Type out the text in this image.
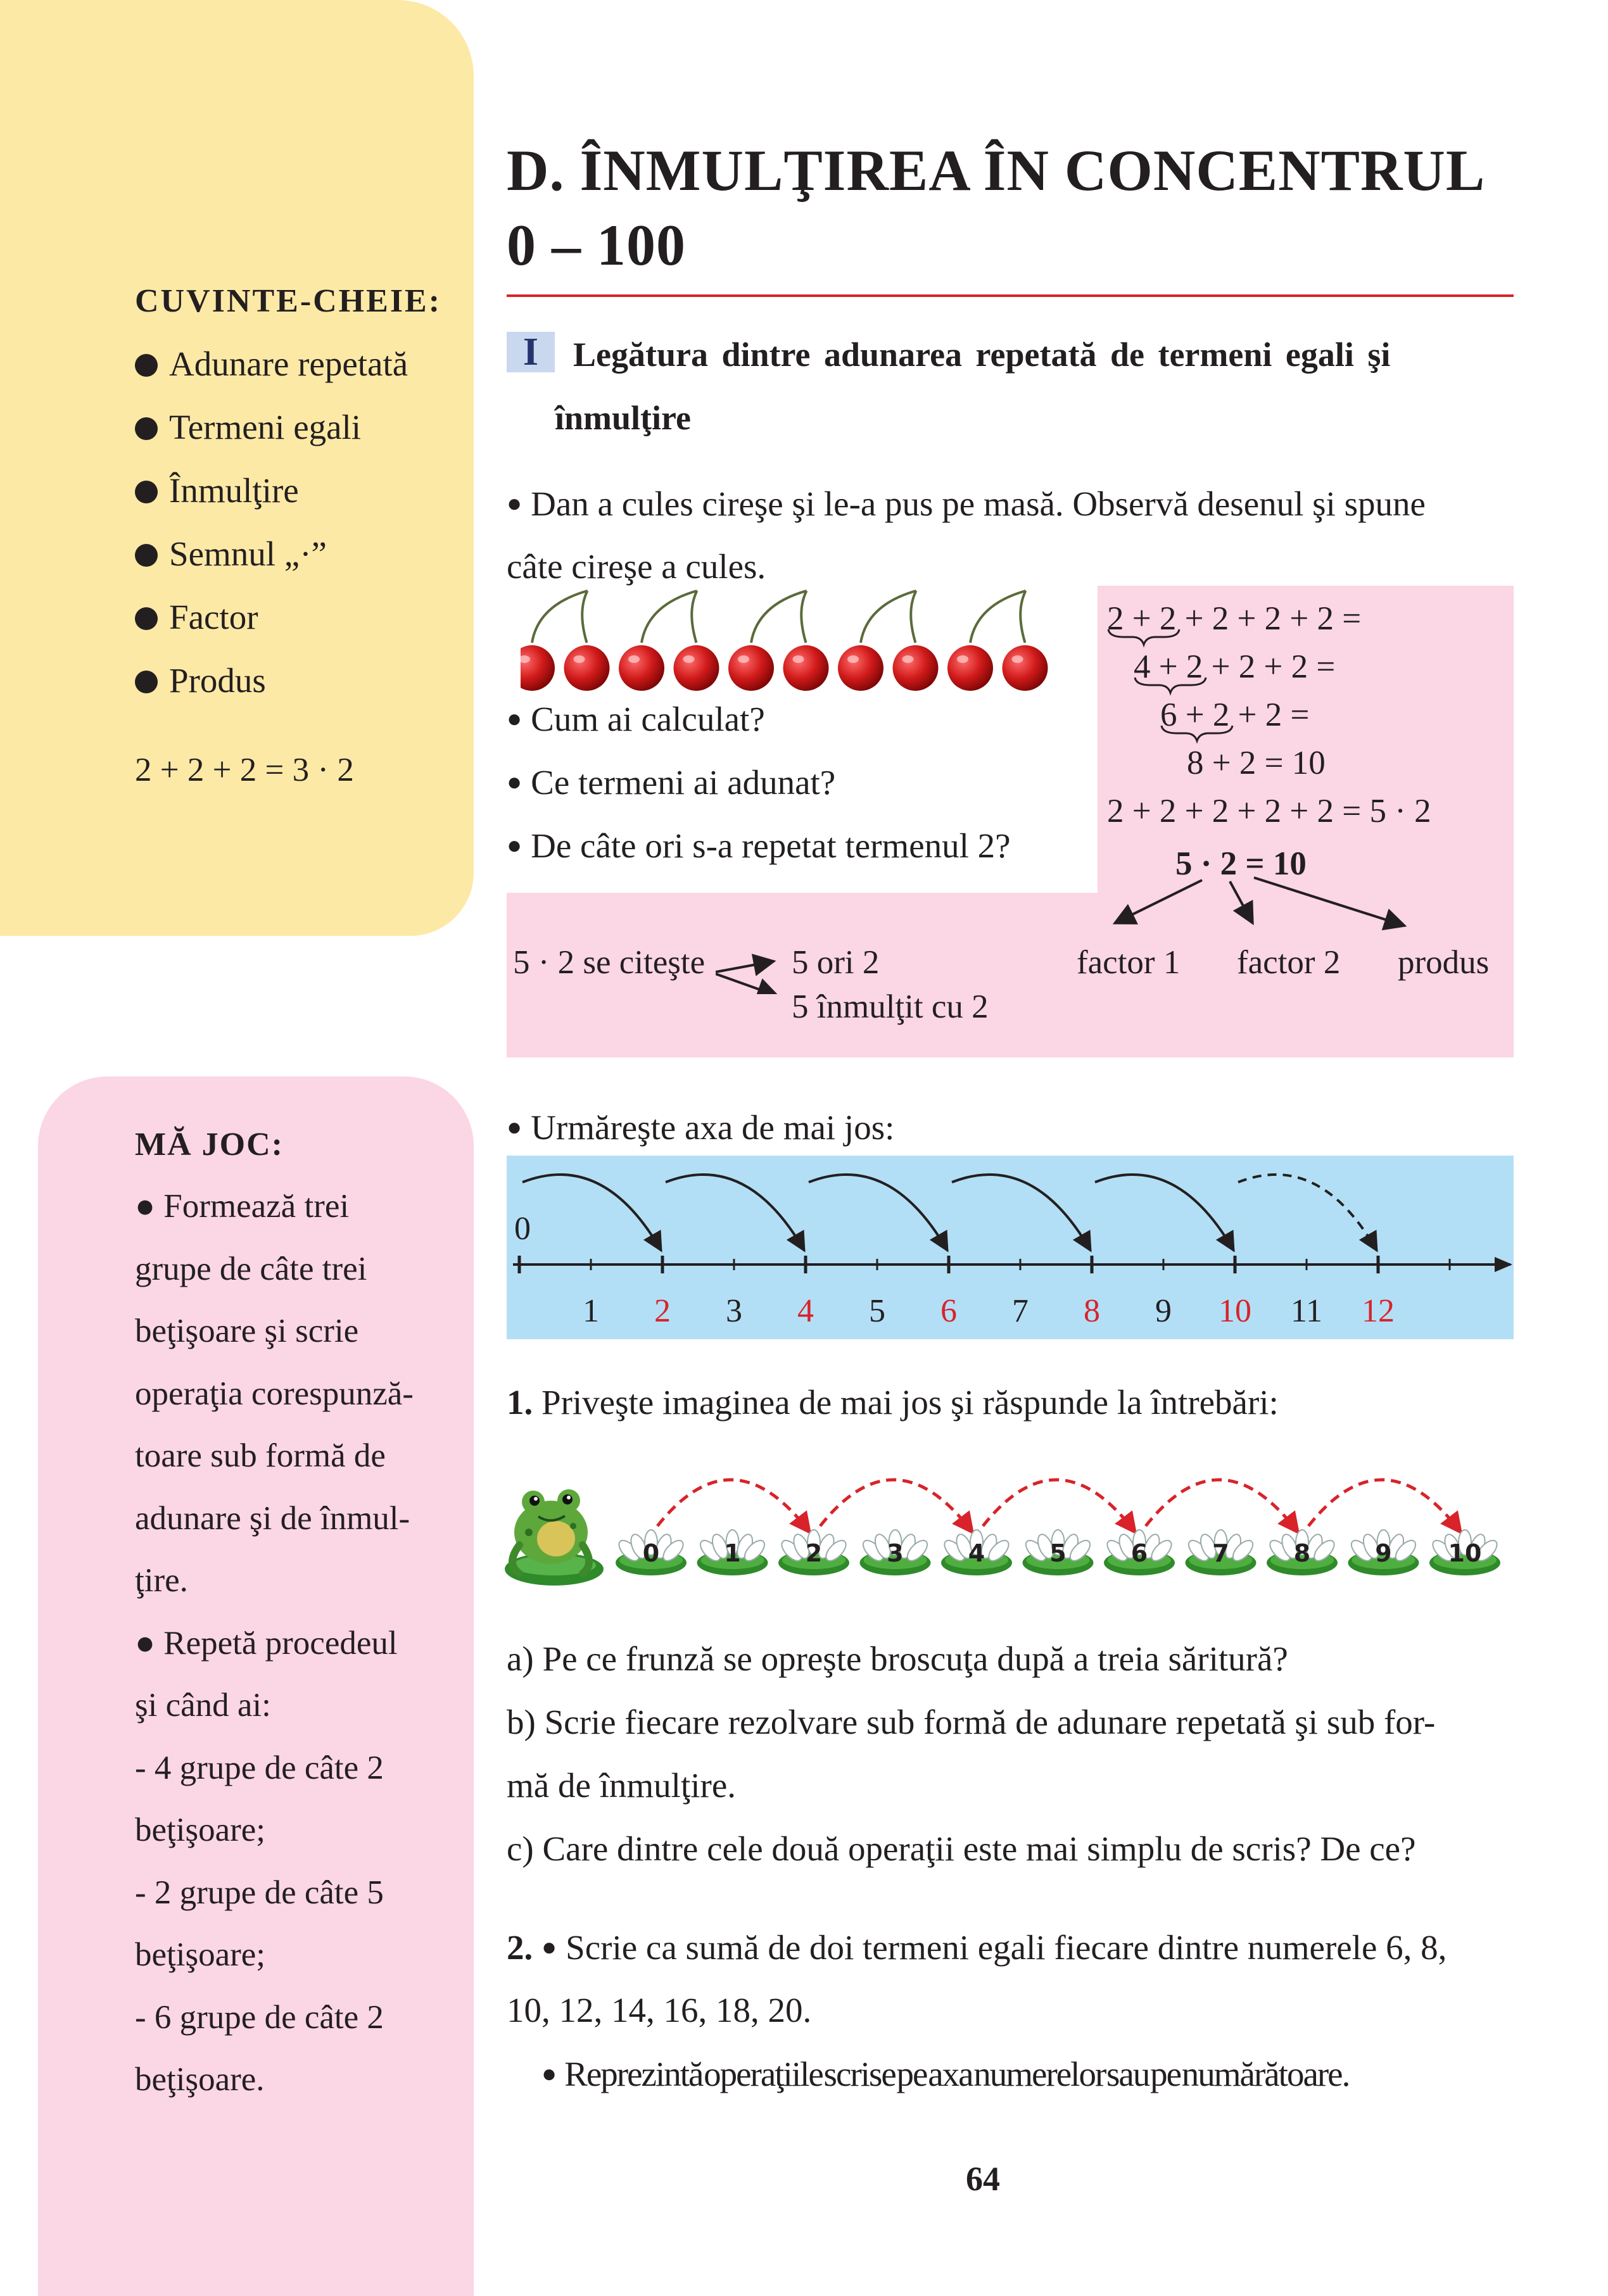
CUVINTE-CHEIE:
Adunare repetată
Termeni egali
Înmulţire
Semnul „·”
Factor
Produs
2 + 2 + 2 = 3 · 2
MĂ JOC:
● Formează trei
grupe de câte trei
beţişoare şi scrie
operaţia corespunză-
toare sub formă de
adunare şi de înmul-
ţire.
● Repetă procedeul
şi când ai:
- 4 grupe de câte 2
beţişoare;
- 2 grupe de câte 5
beţişoare;
- 6 grupe de câte 2
beţişoare.
D. ÎNMULŢIREA ÎN CONCENTRUL
0 – 100
I	Legătura dintre adunarea repetată de termeni egali şi
înmulţire
● Dan a cules cireşe şi le-a pus pe masă. Observă desenul şi spune
câte cireşe a cules.
● Cum ai calculat?
● Ce termeni ai adunat?
● De câte ori s-a repetat termenul 2?
2 + 2 + 2 + 2 + 2 =
4 + 2 + 2 + 2 =
6 + 2 + 2 =
8 + 2 = 10
2 + 2 + 2 + 2 + 2 = 5 · 2
5 · 2 = 10
5 · 2 se citeşte	5 ori 2
5 înmulţit cu 2
factor 1 factor 2 produs
● Urmăreşte axa de mai jos:
0
1 2 3 4 5 6 7 8 9 10 11 12
1. Priveşte imaginea de mai jos şi răspunde la întrebări:
0	1	2	3	4	5	6	7	8	9 10
a) Pe ce frunză se opreşte broscuţa după a treia săritură?
b) Scrie fiecare rezolvare sub formă de adunare repetată şi sub for-
mă de înmulţire.
c) Care dintre cele două operaţii este mai simplu de scris? De ce?
2. ● Scrie ca sumă de doi termeni egali fiecare dintre numerele 6, 8,
10, 12, 14, 16, 18, 20.
● Reprezintă operaţiile scrise pe axa numerelor sau pe numărătoare.
64
